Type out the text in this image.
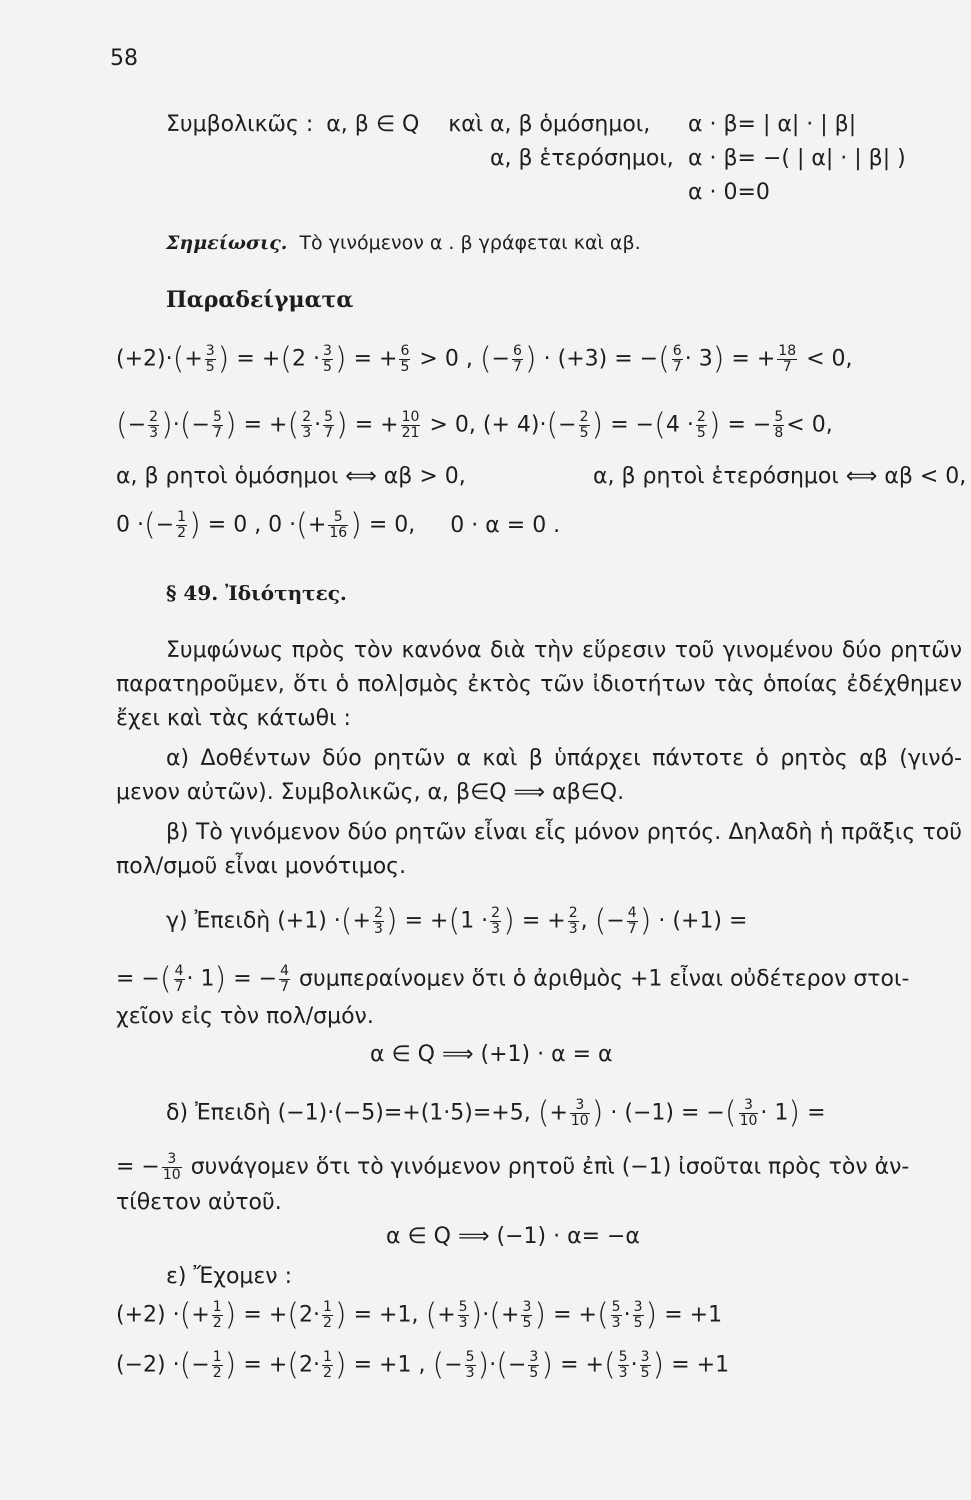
58
Συμβολικῶς : α, β ∈ Q καὶ α, β ὁμόσημοι, α · β= | α| · | β|
α, β ἑτερόσημοι, α · β= −( | α| · | β| )
α · 0=0
Σημείωσις. Τὸ γινόμενον α . β γράφεται καὶ αβ.
Παραδείγματα
$(+2)\cdot(+ \frac{3}{5}$ ) = $+(2 \cdot \frac{3}{5}$ ) = + $\frac{6}{5} > 0$ , (− $\frac{6}{7}$ ) · (+3) = −( $\frac{6}{7} \cdot 3$) = + $\frac{18}{7} < 0$,
(− $\frac{2}{3}$ )·(− $\frac{5}{7}$ ) = +( $\frac{2}{3} \cdot \frac{5}{7}$ ) = + $\frac{10}{21} > 0$, (+ $4)\cdot(- \frac{2}{5}$ ) = $-(4 \cdot \frac{2}{5}$ ) = − $\frac{5}{8} < 0$,
α, β ρητοὶ ὁμόσημοι ⟺ αβ > 0,	α, β ρητοὶ ἑτερόσημοι ⟺ αβ < 0,
0 ·(− $\frac{1}{2}$ ) = 0 , 0 ·(+ $\frac{5}{16}$ ) = 0, 0 · α = 0 .
§ 49. Ἰδιότητες.
Συμφώνως πρὸς τὸν κανόνα διὰ τὴν εὕρεσιν τοῦ γινομένου δύο ρητῶν
παρατηροῦμεν, ὅτι ὁ πολ|σμὸς ἐκτὸς τῶν ἰδιοτήτων τὰς ὁποίας ἐδέχθημεν
ἔχει καὶ τὰς κάτωθι :
α) Δοθέντων δύο ρητῶν α καὶ β ὑπάρχει πάντοτε ὁ ρητὸς αβ (γινό-
μενον αὐτῶν). Συμβολικῶς, α, β∈Q ⟹ αβ∈Q.
β) Τὸ γινόμενον δύο ρητῶν εἶναι εἷς μόνον ρητός. Δηλαδὴ ἡ πρᾶξις τοῦ
πολ/σμοῦ εἶναι μονότιμος.
γ) Ἐπειδὴ (+1) ·(+ $\frac{2}{3}$ ) = $+(1 \cdot \frac{2}{3}$ ) = + $\frac{2}{3}$ , (− $\frac{4}{7}$ ) · (+1) =
= −( $\frac{4}{7} \cdot 1$) = − $\frac{4}{7}$ συμπεραίνομεν ὅτι ὁ ἀριθμὸς +1 εἶναι οὐδέτερον στοι-
χεῖον εἰς τὸν πολ/σμόν.
α ∈ Q ⟹ (+1) · α = α
δ) Ἐπειδὴ (−1)·(−5)=+(1·5)=+5, (+ $\frac{3}{10}$ ) · (−1) = −( $\frac{3}{10} \cdot 1$) =
= − $\frac{3}{10}$ συνάγομεν ὅτι τὸ γινόμενον ρητοῦ ἐπὶ (−1) ἰσοῦται πρὸς τὸν ἀν-
τίθετον αὐτοῦ.
α ∈ Q ⟹ (−1) · α= −α
ε) Ἔχομεν :
(+2) ·(+ $\frac{1}{2}$ ) = $+(2\cdot \frac{1}{2}$ ) = +1, (+ $\frac{5}{3}$ )·(+ $\frac{3}{5}$ ) = +( $\frac{5}{3} \cdot \frac{3}{5}$ ) = +1
(−2) ·(− $\frac{1}{2}$ ) = $+(2\cdot \frac{1}{2}$ ) = +1 , (− $\frac{5}{3}$ )·(− $\frac{3}{5}$ ) = +( $\frac{5}{3} \cdot \frac{3}{5}$ ) = +1
